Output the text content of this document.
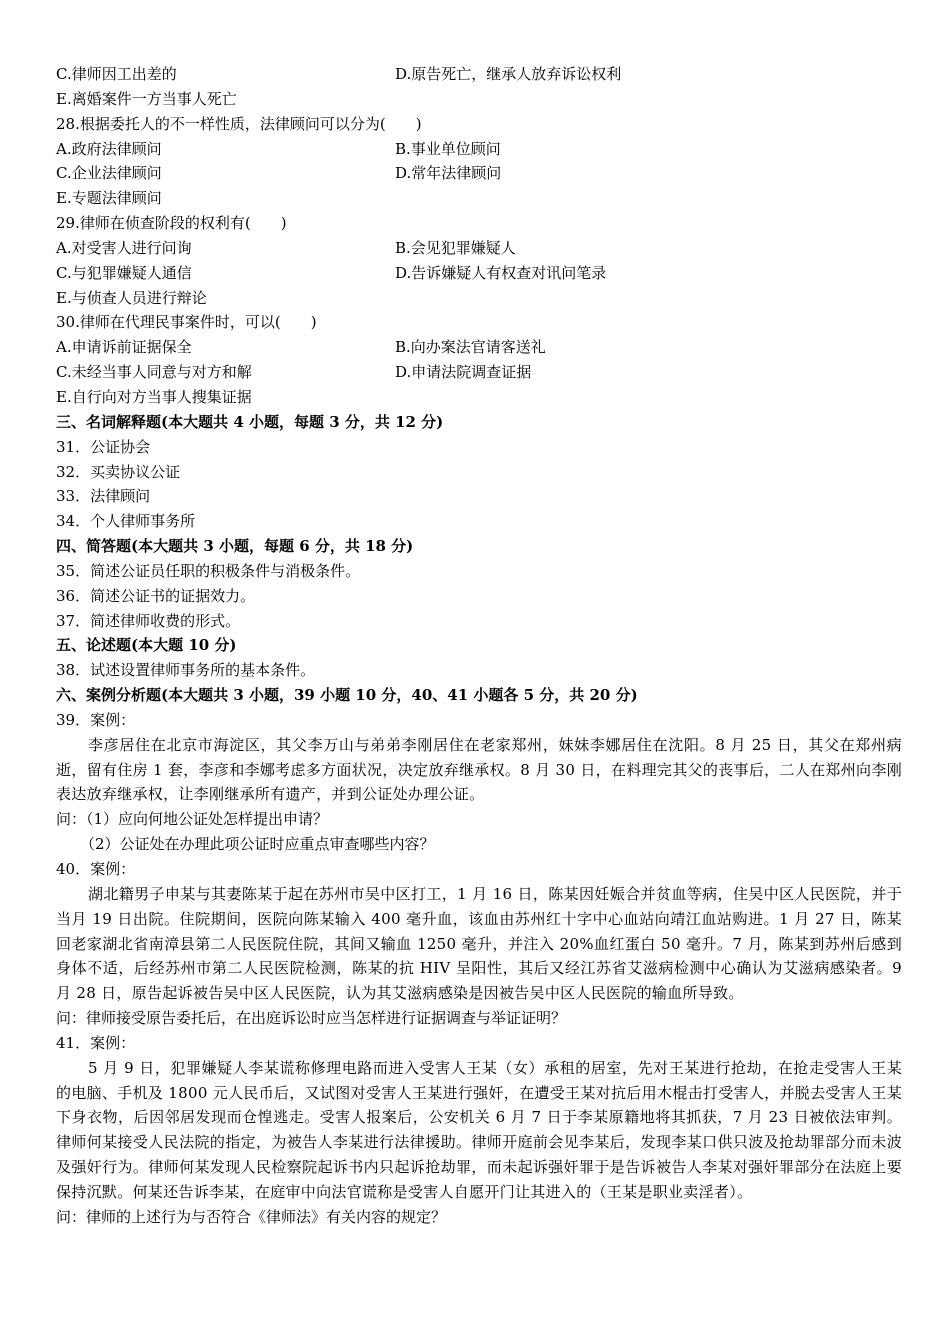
C.律师因工出差的	D.原告死亡，继承人放弃诉讼权利
E.离婚案件一方当事人死亡
28.根据委托人的不一样性质，法律顾问可以分为(　　)
A.政府法律顾问	B.事业单位顾问
C.企业法律顾问	D.常年法律顾问
E.专题法律顾问
29.律师在侦查阶段的权利有(　　)
A.对受害人进行问询	B.会见犯罪嫌疑人
C.与犯罪嫌疑人通信	D.告诉嫌疑人有权查对讯问笔录
E.与侦查人员进行辩论
30.律师在代理民事案件时，可以(　　)
A.申请诉前证据保全	B.向办案法官请客送礼
C.未经当事人同意与对方和解	D.申请法院调查证据
E.自行向对方当事人搜集证据
三、名词解释题(本大题共 4 小题，每题 3 分，共 12 分)
31．公证协会
32．买卖协议公证
33．法律顾问
34．个人律师事务所
四、简答题(本大题共 3 小题，每题 6 分，共 18 分)
35．简述公证员任职的积极条件与消极条件。
36．简述公证书的证据效力。
37．简述律师收费的形式。
五、论述题(本大题 10 分)
38．试述设置律师事务所的基本条件。
六、案例分析题(本大题共 3 小题，39 小题 10 分，40、41 小题各 5 分，共 20 分)
39．案例：
李彦居住在北京市海淀区，其父李万山与弟弟李刚居住在老家郑州，妹妹李娜居住在沈阳。8 月 25 日，其父在郑州病逝，留有住房 1 套，李彦和李娜考虑多方面状况，决定放弃继承权。8 月 30 日，在料理完其父的丧事后，二人在郑州向李刚表达放弃继承权，让李刚继承所有遗产，并到公证处办理公证。
问：（1）应向何地公证处怎样提出申请？
（2）公证处在办理此项公证时应重点审查哪些内容？
40．案例：
湖北籍男子申某与其妻陈某于起在苏州市吴中区打工，1 月 16 日，陈某因妊娠合并贫血等病，住吴中区人民医院，并于当月 19 日出院。住院期间，医院向陈某输入 400 毫升血，该血由苏州红十字中心血站向靖江血站购进。1 月 27 日，陈某回老家湖北省南漳县第二人民医院住院，其间又输血 1250 毫升，并注入 20%血红蛋白 50 毫升。7 月，陈某到苏州后感到身体不适，后经苏州市第二人民医院检测，陈某的抗 HIV 呈阳性，其后又经江苏省艾滋病检测中心确认为艾滋病感染者。9 月 28 日，原告起诉被告吴中区人民医院，认为其艾滋病感染是因被告吴中区人民医院的输血所导致。
问：律师接受原告委托后，在出庭诉讼时应当怎样进行证据调查与举证证明？
41．案例：
5 月 9 日，犯罪嫌疑人李某谎称修理电路而进入受害人王某（女）承租的居室，先对王某进行抢劫，在抢走受害人王某的电脑、手机及 1800 元人民币后，又试图对受害人王某进行强奸，在遭受王某对抗后用木棍击打受害人，并脱去受害人王某下身衣物，后因邻居发现而仓惶逃走。受害人报案后，公安机关 6 月 7 日于李某原籍地将其抓获，7 月 23 日被依法审判。律师何某接受人民法院的指定，为被告人李某进行法律援助。律师开庭前会见李某后，发现李某口供只波及抢劫罪部分而未波及强奸行为。律师何某发现人民检察院起诉书内只起诉抢劫罪，而未起诉强奸罪于是告诉被告人李某对强奸罪部分在法庭上要保持沉默。何某还告诉李某，在庭审中向法官谎称是受害人自愿开门让其进入的（王某是职业卖淫者）。
问：律师的上述行为与否符合《律师法》有关内容的规定？
